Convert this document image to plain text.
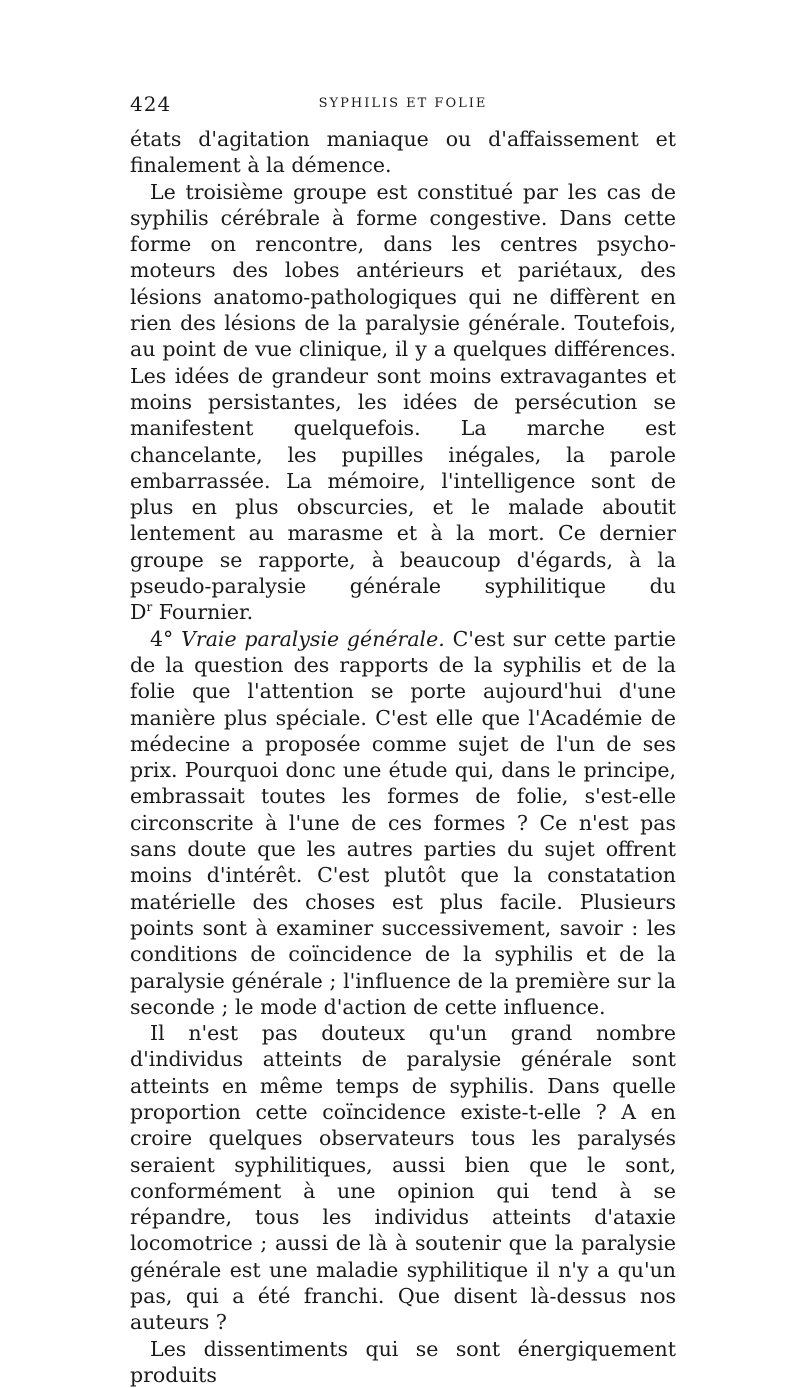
424	SYPHILIS ET FOLIE

états d'agitation maniaque ou d'affaissement et finalement à la démence.

Le troisième groupe est constitué par les cas de syphilis cérébrale à forme congestive. Dans cette forme on rencontre, dans les centres psycho-moteurs des lobes antérieurs et pariétaux, des lésions anatomo-pathologiques qui ne diffèrent en rien des lésions de la paralysie générale. Toutefois, au point de vue clinique, il y a quelques différences. Les idées de grandeur sont moins extravagantes et moins persistantes, les idées de persécution se manifestent quelquefois. La marche est chancelante, les pupilles inégales, la parole embarrassée. La mémoire, l'intelligence sont de plus en plus obscurcies, et le malade aboutit lentement au marasme et à la mort. Ce dernier groupe se rapporte, à beaucoup d'égards, à la pseudo-paralysie générale syphilitique du

$D^r$ Fournier.

4° Vraie paralysie générale. C'est sur cette partie de la question des rapports de la syphilis et de la folie que l'attention se porte aujourd'hui d'une manière plus spéciale. C'est elle que l'Académie de médecine a proposée comme sujet de l'un de ses prix. Pourquoi donc une étude qui, dans le principe, embrassait toutes les formes de folie, s'est-elle circonscrite à l'une de ces formes ? Ce n'est pas sans doute que les autres parties du sujet offrent moins d'intérêt. C'est plutôt que la constatation matérielle des choses est plus facile. Plusieurs points sont à examiner successivement, savoir : les conditions de coïncidence de la syphilis et de la paralysie générale ; l'influence de la première sur la seconde ; le mode d'action de cette influence.

Il n'est pas douteux qu'un grand nombre d'individus atteints de paralysie générale sont atteints en même temps de syphilis. Dans quelle proportion cette coïncidence existe-t-elle ? A en croire quelques observateurs tous les paralysés seraient syphilitiques, aussi bien que le sont, conformément à une opinion qui tend à se répandre, tous les individus atteints d'ataxie locomotrice ; aussi de là à soutenir que la paralysie générale est une maladie syphilitique il n'y a qu'un pas, qui a été franchi. Que disent là-dessus nos auteurs ?

Les dissentiments qui se sont énergiquement produits
